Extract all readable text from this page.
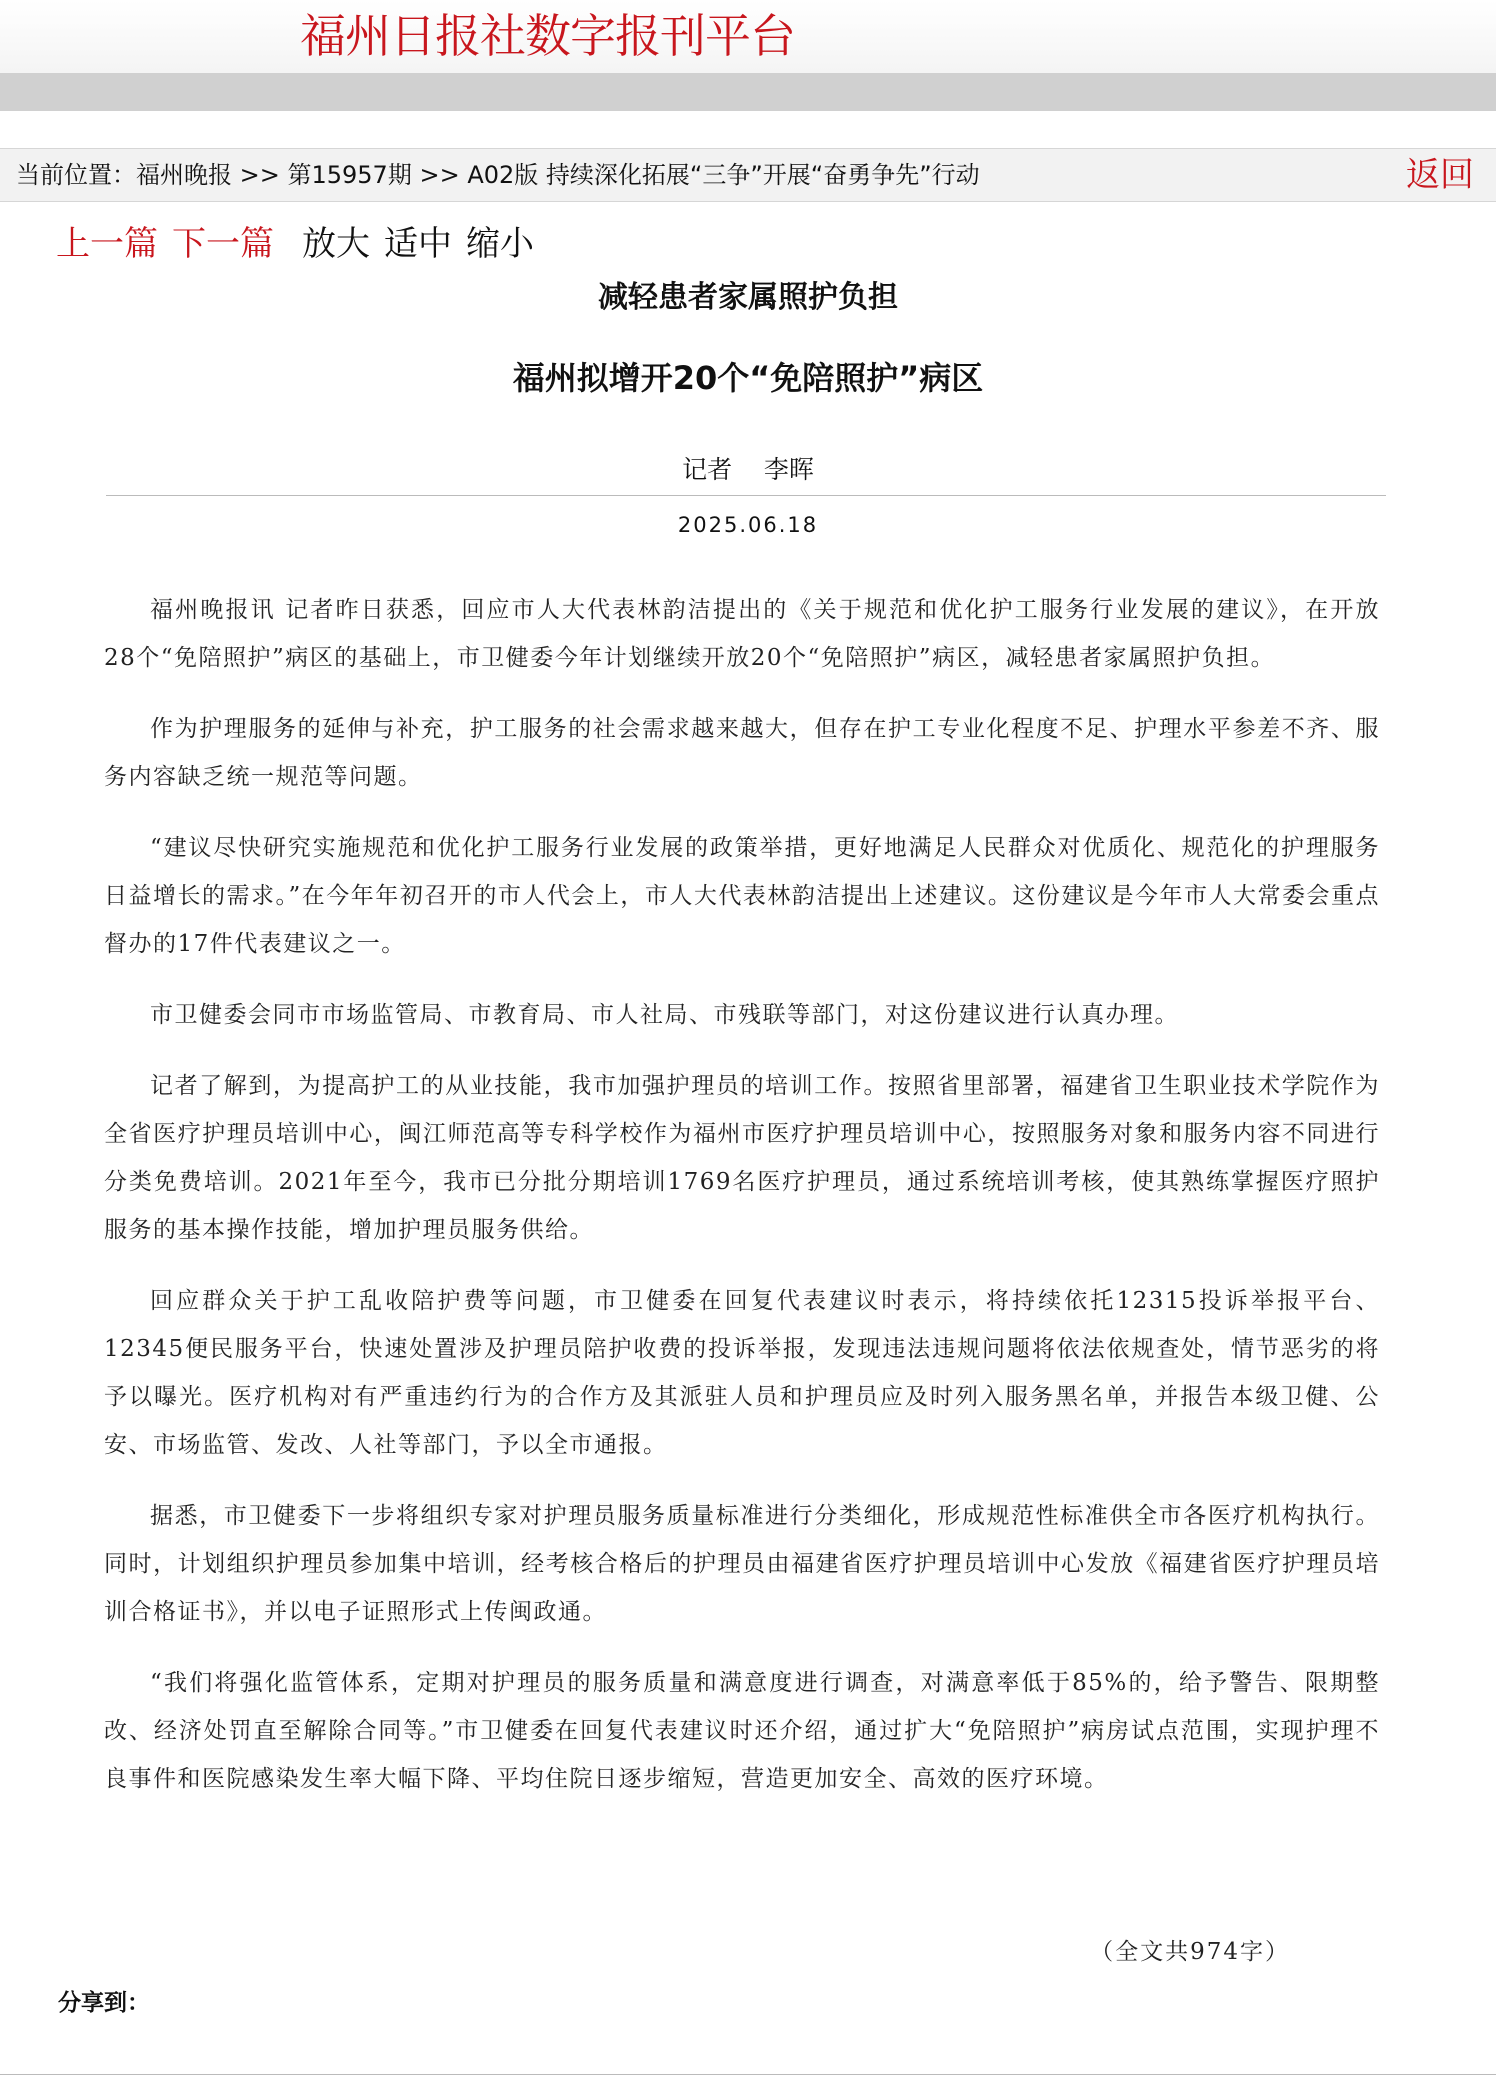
福州日报社数字报刊平台
当前位置：福州晚报 >> 第15957期 >> A02版 持续深化拓展“三争”开展“奋勇争先”行动	返回
上一篇 下一篇 放大 适中 缩小
减轻患者家属照护负担
福州拟增开20个“免陪照护”病区
记者    李晖
2025.06.18

福州晚报讯 记者昨日获悉，回应市人大代表林韵洁提出的《关于规范和优化护工服务行业发展的建议》，在开放28个“免陪照护”病区的基础上，市卫健委今年计划继续开放20个“免陪照护”病区，减轻患者家属照护负担。

作为护理服务的延伸与补充，护工服务的社会需求越来越大，但存在护工专业化程度不足、护理水平参差不齐、服务内容缺乏统一规范等问题。

“建议尽快研究实施规范和优化护工服务行业发展的政策举措，更好地满足人民群众对优质化、规范化的护理服务日益增长的需求。”在今年年初召开的市人代会上，市人大代表林韵洁提出上述建议。这份建议是今年市人大常委会重点督办的17件代表建议之一。

市卫健委会同市市场监管局、市教育局、市人社局、市残联等部门，对这份建议进行认真办理。

记者了解到，为提高护工的从业技能，我市加强护理员的培训工作。按照省里部署，福建省卫生职业技术学院作为全省医疗护理员培训中心，闽江师范高等专科学校作为福州市医疗护理员培训中心，按照服务对象和服务内容不同进行分类免费培训。2021年至今，我市已分批分期培训1769名医疗护理员，通过系统培训考核，使其熟练掌握医疗照护服务的基本操作技能，增加护理员服务供给。

回应群众关于护工乱收陪护费等问题，市卫健委在回复代表建议时表示，将持续依托12315投诉举报平台、12345便民服务平台，快速处置涉及护理员陪护收费的投诉举报，发现违法违规问题将依法依规查处，情节恶劣的将予以曝光。医疗机构对有严重违约行为的合作方及其派驻人员和护理员应及时列入服务黑名单，并报告本级卫健、公安、市场监管、发改、人社等部门，予以全市通报。

据悉，市卫健委下一步将组织专家对护理员服务质量标准进行分类细化，形成规范性标准供全市各医疗机构执行。同时，计划组织护理员参加集中培训，经考核合格后的护理员由福建省医疗护理员培训中心发放《福建省医疗护理员培训合格证书》，并以电子证照形式上传闽政通。

“我们将强化监管体系，定期对护理员的服务质量和满意度进行调查，对满意率低于85%的，给予警告、限期整改、经济处罚直至解除合同等。”市卫健委在回复代表建议时还介绍，通过扩大“免陪照护”病房试点范围，实现护理不良事件和医院感染发生率大幅下降、平均住院日逐步缩短，营造更加安全、高效的医疗环境。

（全文共974字）
分享到：
